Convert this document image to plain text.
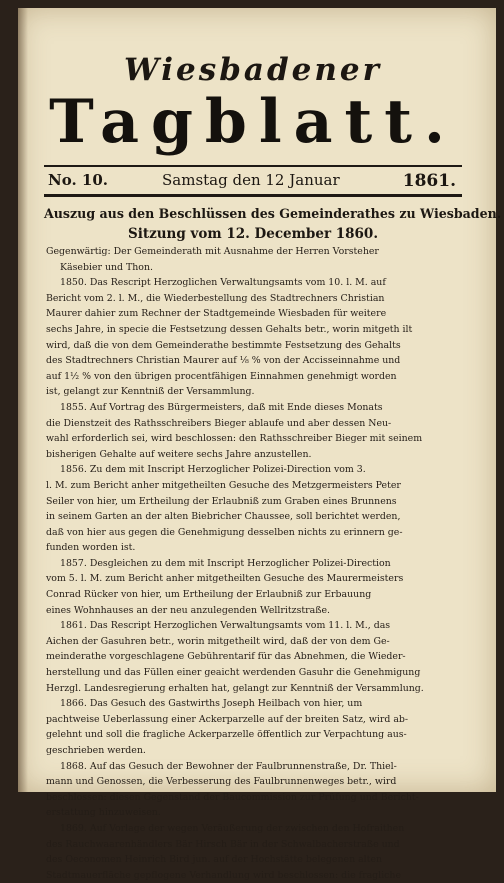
Wiesbadener
Tagblatt.
No. 10.	Samstag den 12 Januar	1861.
Auszug aus den Beschlüssen des Gemeinderathes zu Wiesbaden.
Sitzung vom 12. December 1860.
Gegenwärtig: Der Gemeinderath mit Ausnahme der Herren Vorsteher
Käsebier und Thon.
1850. Das Rescript Herzoglichen Verwaltungsamts vom 10. l. M. auf
Bericht vom 2. l. M., die Wiederbestellung des Stadtrechners Christian
Maurer dahier zum Rechner der Stadtgemeinde Wiesbaden für weitere
sechs Jahre, in specie die Festsetzung dessen Gehalts betr., worin mitgeth ilt
wird, daß die von dem Gemeinderathe bestimmte Festsetzung des Gehalts
des Stadtrechners Christian Maurer auf ⅛ % von der Accisseinnahme und
auf 1½ % von den übrigen procentfähigen Einnahmen genehmigt worden
ist, gelangt zur Kenntniß der Versammlung.
1855. Auf Vortrag des Bürgermeisters, daß mit Ende dieses Monats
die Dienstzeit des Rathsschreibers Bieger ablaufe und aber dessen Neu-
wahl erforderlich sei, wird beschlossen: den Rathsschreiber Bieger mit seinem
bisherigen Gehalte auf weitere sechs Jahre anzustellen.
1856. Zu dem mit Inscript Herzoglicher Polizei-Direction vom 3.
l. M. zum Bericht anher mitgetheilten Gesuche des Metzgermeisters Peter
Seiler von hier, um Ertheilung der Erlaubniß zum Graben eines Brunnens
in seinem Garten an der alten Biebricher Chaussee, soll berichtet werden,
daß von hier aus gegen die Genehmigung desselben nichts zu erinnern ge-
funden worden ist.
1857. Desgleichen zu dem mit Inscript Herzoglicher Polizei-Direction
vom 5. l. M. zum Bericht anher mitgetheilten Gesuche des Maurermeisters
Conrad Rücker von hier, um Ertheilung der Erlaubniß zur Erbauung
eines Wohnhauses an der neu anzulegenden Wellritzstraße.
1861. Das Rescript Herzoglichen Verwaltungsamts vom 11. l. M., das
Aichen der Gasuhren betr., worin mitgetheilt wird, daß der von dem Ge-
meinderathe vorgeschlagene Gebührentarif für das Abnehmen, die Wieder-
herstellung und das Füllen einer geaicht werdenden Gasuhr die Genehmigung
Herzgl. Landesregierung erhalten hat, gelangt zur Kenntniß der Versammlung.
1866. Das Gesuch des Gastwirths Joseph Heilbach von hier, um
pachtweise Ueberlassung einer Ackerparzelle auf der breiten Satz, wird ab-
gelehnt und soll die fragliche Ackerparzelle öffentlich zur Verpachtung aus-
geschrieben werden.
1868. Auf das Gesuch der Bewohner der Faulbrunnenstraße, Dr. Thiel-
mann und Genossen, die Verbesserung des Faulbrunnenweges betr., wird
beschlossen: diesen Gegenstand der Baucommission zur Prüfung und Bericht-
erstattung hinzuweisen.
1869. Auf Vorlage der wegen Veräußerung der zwischen den Hofraithen
des Rauchwaarenhändlers Bär Hirsch Bär in der Schwalbacherstraße und
des Oeconomen Heinrich Bird jun. auf der Hochstätte belegenen alten
Stadtmauerfläche gepflogene Verhandlung wird beschlossen: die fragliche
